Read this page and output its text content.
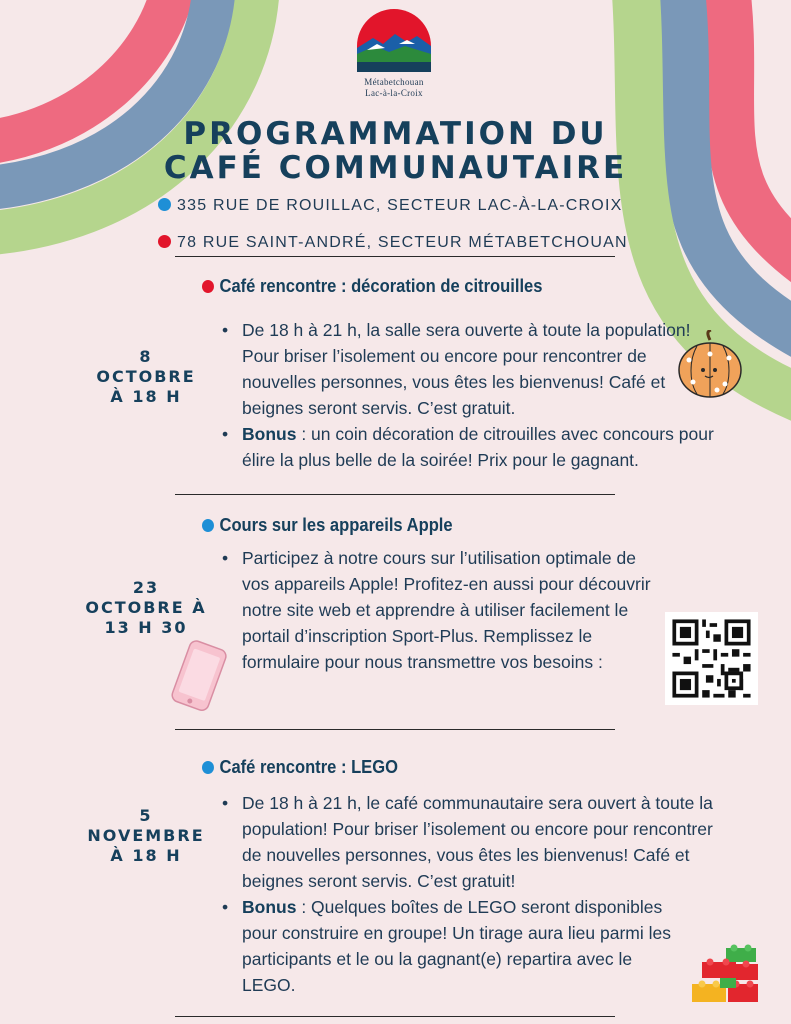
Métabetchouan
Lac-à-la-Croix
PROGRAMMATION DU
CAFÉ COMMUNAUTAIRE
335 RUE DE ROUILLAC, SECTEUR LAC-À-LA-CROIX
78 RUE SAINT-ANDRÉ, SECTEUR MÉTABETCHOUAN
Café rencontre : décoration de citrouilles
8
OCTOBRE
À 18 H
• De 18 h à 21 h, la salle sera ouverte à toute la population! Pour briser l’isolement ou encore pour rencontrer de nouvelles personnes, vous êtes les bienvenus! Café et beignes seront servis. C’est gratuit.
• Bonus : un coin décoration de citrouilles avec concours pour élire la plus belle de la soirée! Prix pour le gagnant.
Cours sur les appareils Apple
23
OCTOBRE À
13 H 30
• Participez à notre cours sur l’utilisation optimale de vos appareils Apple! Profitez-en aussi pour découvrir notre site web et apprendre à utiliser facilement le portail d’inscription Sport-Plus. Remplissez le formulaire pour nous transmettre vos besoins :
Café rencontre : LEGO
5
NOVEMBRE
À 18 H
• De 18 h à 21 h, le café communautaire sera ouvert à toute la population! Pour briser l’isolement ou encore pour rencontrer de nouvelles personnes, vous êtes les bienvenus! Café et beignes seront servis. C’est gratuit!
• Bonus : Quelques boîtes de LEGO seront disponibles pour construire en groupe! Un tirage aura lieu parmi les participants et le ou la gagnant(e) repartira avec le LEGO.
